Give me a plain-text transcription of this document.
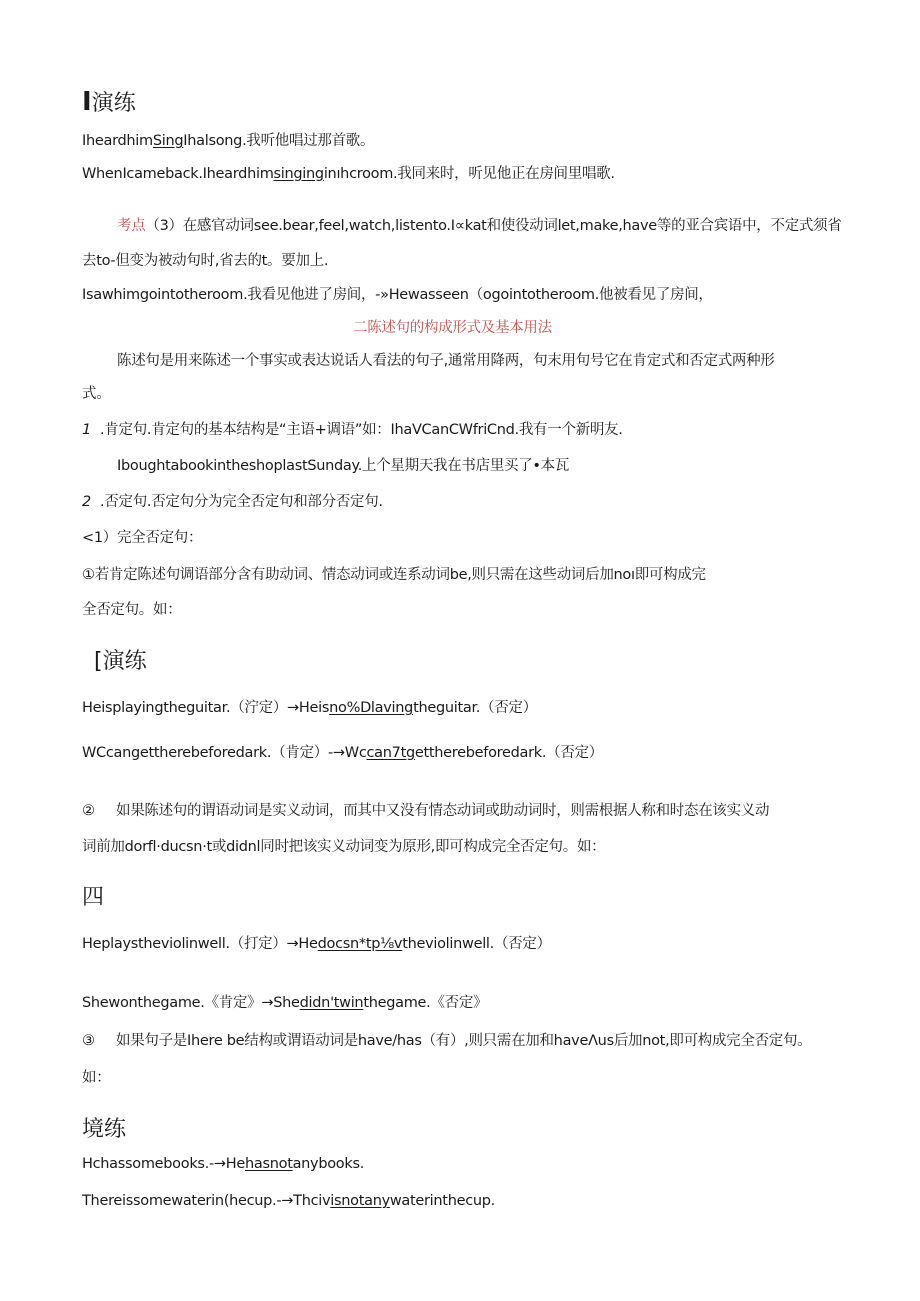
I演练
IheardhimSingIhalsong.我听他唱过那首歌。
WhenIcameback.Iheardhimsinginginıhcroom.我同来时，听见他正在房间里唱歌.
考点（3）在感官动词see.bear,feel,watch,listento.I∝kat和使役动词let,make,have等的亚合宾语中，不定式须省
去to-但变为被动句时,省去的t。要加上.
Isawhimgointotheroom.我看见他进了房间，-»Hewasseen（ogointotheroom.他被看见了房间，
二陈述句的构成形式及基本用法
陈述句是用来陈述一个事实或表达说话人看法的句子,通常用降两，句末用句号它在肯定式和否定式两种形
式。
1 .肯定句.肯定句的基本结构是“主语+调语”如：IhaVCanCWfriCnd.我有一个新明友.
IboughtabookintheshoplastSunday.上个星期天我在书店里买了•本瓦
2 .否定句.否定句分为完全否定句和部分否定句.
<1）完全否定句：
①若肯定陈述句调语部分含有助动词、情态动词或连系动词be,则只需在这些动词后加noı即可构成完
全否定句。如：
[演练
Heisplayingtheguitar.（泞定）→Heisno%Dlavingtheguitar.（否定）
WCcangettherebeforedark.（肯定）-→Wccan7tgettherebeforedark.（否定）
② 如果陈述句的谓语动词是实义动词，而其中又没有情态动词或助动词时，则需根据人称和时态在该实义动
词前加dorfl·ducsn·t或didnl同时把该实义动词变为原形,即可构成完全否定句。如：
四
Heplaystheviolinwell.（打定）→Hedocsn*tp⅛vtheviolinwell.（否定）
Shewonthegame.《肯定》→Shedidn'twinthegame.《否定》
③ 如果句子是Ihere be结构或谓语动词是have/has（有）,则只需在加和haveΛus后加not,即可构成完全否定句。
如：
境练
Hchassomebooks.-→Hehasnotanybooks.
Thereissomewaterin(hecup.-→Thcivisnotanywaterinthecup.
